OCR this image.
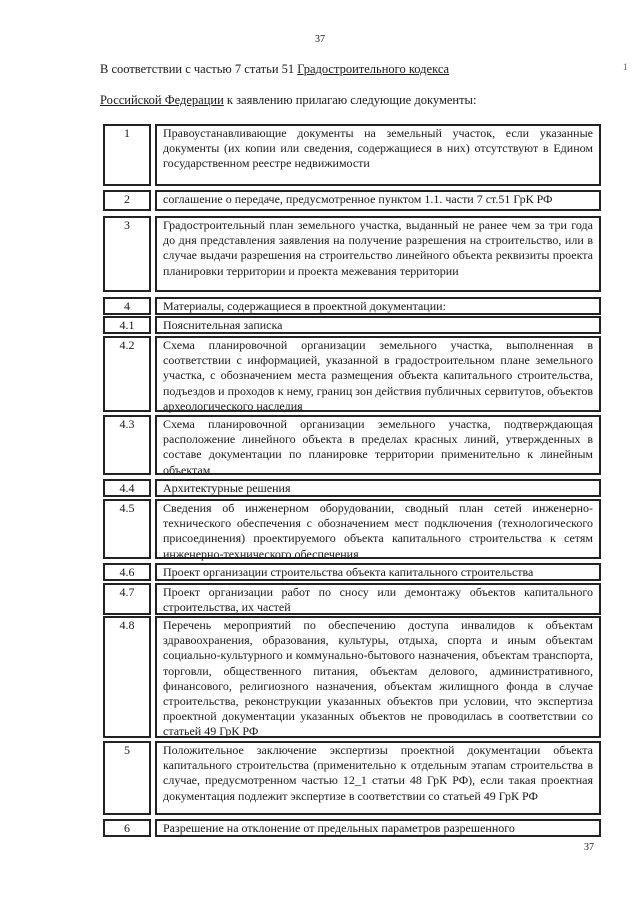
37
1
В соответствии с частью 7 статьи 51 Градостроительного кодекса
Российской Федерации к заявлению прилагаю следующие документы:
1	Правоустанавливающие документы на земельный участок, если указанные документы (их копии или сведения, содержащиеся в них) отсутствуют в Едином государственном реестре недвижимости
2	соглашение о передаче, предусмотренное пунктом 1.1. части 7 ст.51 ГрК РФ
3	Градостроительный план земельного участка, выданный не ранее чем за три года до дня представления заявления на получение разрешения на строительство, или в случае выдачи разрешения на строительство линейного объекта реквизиты проекта планировки территории и проекта межевания территории
4	Материалы, содержащиеся в проектной документации:
4.1	Пояснительная записка
4.2	Схема планировочной организации земельного участка, выполненная в соответствии с информацией, указанной в градостроительном плане земельного участка, с обозначением места размещения объекта капитального строительства, подъездов и проходов к нему, границ зон действия публичных сервитутов, объектов археологического наследия
4.3	Схема планировочной организации земельного участка, подтверждающая расположение линейного объекта в пределах красных линий, утвержденных в составе документации по планировке территории применительно к линейным объектам
4.4	Архитектурные решения
4.5	Сведения об инженерном оборудовании, сводный план сетей инженерно-технического обеспечения с обозначением мест подключения (технологического присоединения) проектируемого объекта капитального строительства к сетям инженерно-технического обеспечения
4.6	Проект организации строительства объекта капитального строительства
4.7	Проект организации работ по сносу или демонтажу объектов капитального строительства, их частей
4.8	Перечень мероприятий по обеспечению доступа инвалидов к объектам здравоохранения, образования, культуры, отдыха, спорта и иным объектам социально-культурного и коммунально-бытового назначения, объектам транспорта, торговли, общественного питания, объектам делового, административного, финансового, религиозного назначения, объектам жилищного фонда в случае строительства, реконструкции указанных объектов при условии, что экспертиза проектной документации указанных объектов не проводилась в соответствии со статьей 49 ГрК РФ
5	Положительное заключение экспертизы проектной документации объекта капитального строительства (применительно к отдельным этапам строительства в случае, предусмотренном частью 12_1 статьи 48 ГрК РФ), если такая проектная документация подлежит экспертизе в соответствии со статьей 49 ГрК РФ
6	Разрешение на отклонение от предельных параметров разрешенного
37
